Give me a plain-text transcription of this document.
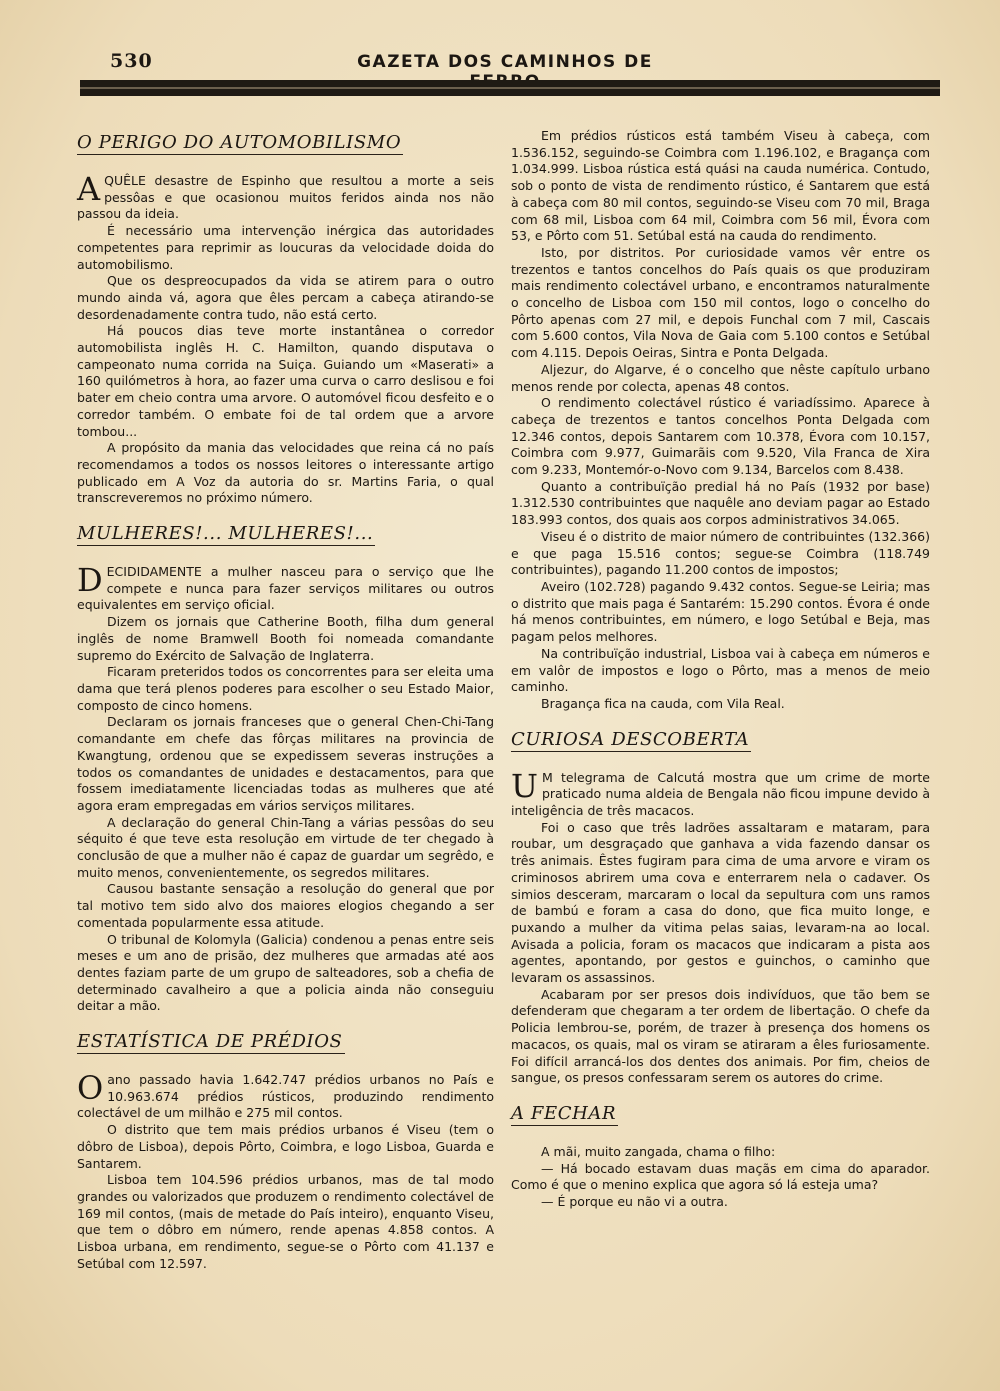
530	GAZETA DOS CAMINHOS DE
O PERIGO DO AUTOMOBILISMO

AQUÊLE desastre de Espinho que resultou a morte a seis pessôas e que ocasionou muitos feridos ainda nos não passou da ideia.

É necessário uma intervenção inérgica das autoridades competentes para reprimir as loucuras da velocidade doida do automobilismo.

Que os despreocupados da vida se atirem para o outro mundo ainda vá, agora que êles percam a cabeça atirando-se desordenadamente contra tudo, não está certo.

Há poucos dias teve morte instantânea o corredor automobilista inglês H. C. Hamilton, quando disputava o campeonato numa corrida na Suiça. Guiando um «Maserati» a 160 quilómetros à hora, ao fazer uma curva o carro deslisou e foi bater em cheio contra uma arvore. O automóvel ficou desfeito e o corredor também. O embate foi de tal ordem que a arvore tombou...

A propósito da mania das velocidades que reina cá no país recomendamos a todos os nossos leitores o interessante artigo publicado em A Voz da autoria do sr. Martins Faria, o qual transcreveremos no próximo número.

MULHERES!... MULHERES!...

DECIDIDAMENTE a mulher nasceu para o serviço que lhe compete e nunca para fazer serviços militares ou outros equivalentes em serviço oficial.

Dizem os jornais que Catherine Booth, filha dum general inglês de nome Bramwell Booth foi nomeada comandante supremo do Exército de Salvação de Inglaterra.

Ficaram preteridos todos os concorrentes para ser eleita uma dama que terá plenos poderes para escolher o seu Estado Maior, composto de cinco homens.

Declaram os jornais franceses que o general Chen-Chi-Tang comandante em chefe das fôrças militares na provincia de Kwangtung, ordenou que se expedissem severas instruções a todos os comandantes de unidades e destacamentos, para que fossem imediatamente licenciadas todas as mulheres que até agora eram empregadas em vários serviços militares.

A declaração do general Chin-Tang a várias pessôas do seu séquito é que teve esta resolução em virtude de ter chegado à conclusão de que a mulher não é capaz de guardar um segrêdo, e muito menos, convenientemente, os segredos militares.

Causou bastante sensação a resolução do general que por tal motivo tem sido alvo dos maiores elogios chegando a ser comentada popularmente essa atitude.

O tribunal de Kolomyla (Galicia) condenou a penas entre seis meses e um ano de prisão, dez mulheres que armadas até aos dentes faziam parte de um grupo de salteadores, sob a chefia de determinado cavalheiro a que a policia ainda não conseguiu deitar a mão.

ESTATÍSTICA DE PRÉDIOS

Oano passado havia 1.642.747 prédios urbanos no País e 10.963.674 prédios rústicos, produzindo rendimento colectável de um milhão e 275 mil contos.

O distrito que tem mais prédios urbanos é Viseu (tem o dôbro de Lisboa), depois Pôrto, Coimbra, e logo Lisboa, Guarda e Santarem.

Lisboa tem 104.596 prédios urbanos, mas de tal modo grandes ou valorizados que produzem o rendimento colectável de 169 mil contos, (mais de metade do País inteiro), enquanto Viseu, que tem o dôbro em número, rende apenas 4.858 contos. A Lisboa urbana, em rendimento, segue-se o Pôrto com 41.137 e Setúbal com 12.597.

Em prédios rústicos está também Viseu à cabeça, com 1.536.152, seguindo-se Coimbra com 1.196.102, e Bragança com 1.034.999. Lisboa rústica está quási na cauda numérica. Contudo, sob o ponto de vista de rendimento rústico, é Santarem que está à cabeça com 80 mil contos, seguindo-se Viseu com 70 mil, Braga com 68 mil, Lisboa com 64 mil, Coimbra com 56 mil, Évora com 53, e Pôrto com 51. Setúbal está na cauda do rendimento.

Isto, por distritos. Por curiosidade vamos vêr entre os trezentos e tantos concelhos do País quais os que produziram mais rendimento colectável urbano, e encontramos naturalmente o concelho de Lisboa com 150 mil contos, logo o concelho do Pôrto apenas com 27 mil, e depois Funchal com 7 mil, Cascais com 5.600 contos, Vila Nova de Gaia com 5.100 contos e Setúbal com 4.115. Depois Oeiras, Sintra e Ponta Delgada.

Aljezur, do Algarve, é o concelho que nêste capítulo urbano menos rende por colecta, apenas 48 contos.

O rendimento colectável rústico é variadíssimo. Aparece à cabeça de trezentos e tantos concelhos Ponta Delgada com 12.346 contos, depois Santarem com 10.378, Évora com 10.157, Coimbra com 9.977, Guimarãis com 9.520, Vila Franca de Xira com 9.233, Montemór-o-Novo com 9.134, Barcelos com 8.438.

Quanto a contribuïção predial há no País (1932 por base) 1.312.530 contribuintes que naquêle ano deviam pagar ao Estado 183.993 contos, dos quais aos corpos administrativos 34.065.

Viseu é o distrito de maior número de contribuintes (132.366) e que paga 15.516 contos; segue-se Coimbra (118.749 contribuintes), pagando 11.200 contos de impostos;

Aveiro (102.728) pagando 9.432 contos. Segue-se Leiria; mas o distrito que mais paga é Santarém: 15.290 contos. Évora é onde há menos contribuintes, em número, e logo Setúbal e Beja, mas pagam pelos melhores.

Na contribuïção industrial, Lisboa vai à cabeça em números e em valôr de impostos e logo o Pôrto, mas a menos de meio caminho.

Bragança fica na cauda, com Vila Real.

CURIOSA DESCOBERTA

U M telegrama de Calcutá mostra que um crime de morte praticado numa aldeia de Bengala não ficou impune devido à inteligência de três macacos.

Foi o caso que três ladrões assaltaram e mataram, para roubar, um desgraçado que ganhava a vida fazendo dansar os três animais. Êstes fugiram para cima de uma arvore e viram os criminosos abrirem uma cova e enterrarem nela o cadaver. Os simios desceram, marcaram o local da sepultura com uns ramos de bambú e foram a casa do dono, que fica muito longe, e puxando a mulher da vitima pelas saias, levaram-na ao local. Avisada a policia, foram os macacos que indicaram a pista aos agentes, apontando, por gestos e guinchos, o caminho que levaram os assassinos.

Acabaram por ser presos dois indivíduos, que tão bem se defenderam que chegaram a ter ordem de libertação. O chefe da Policia lembrou-se, porém, de trazer à presença dos homens os macacos, os quais, mal os viram se atiraram a êles furiosamente. Foi difícil arrancá-los dos dentes dos animais. Por fim, cheios de sangue, os presos confessaram serem os autores do crime.

A FECHAR

A mãi, muito zangada, chama o filho:

— Há bocado estavam duas maçãs em cima do aparador. Como é que o menino explica que agora só lá esteja uma?

— É porque eu não vi a outra.
